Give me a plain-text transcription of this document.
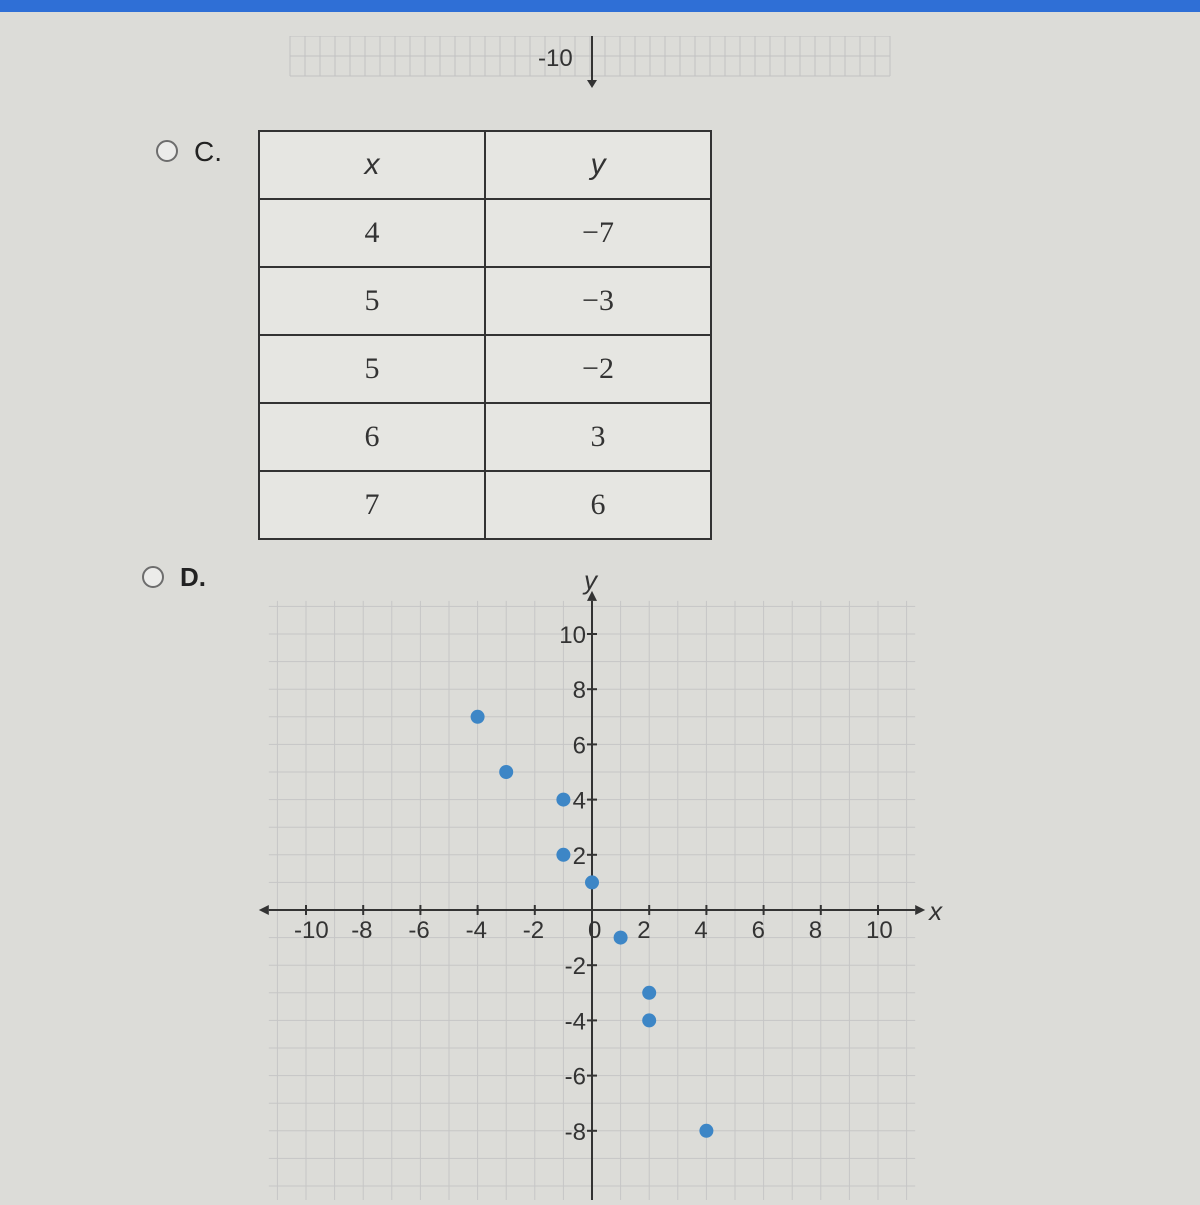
-10
C.	x	y
4	−7
5	−3
5	−2
6	3
7	6
D.
x
y
-10 -8 -6 -4 -2 0 2 4 6 8 10
10
8
6
4
2
-2
-4
-6
-8
